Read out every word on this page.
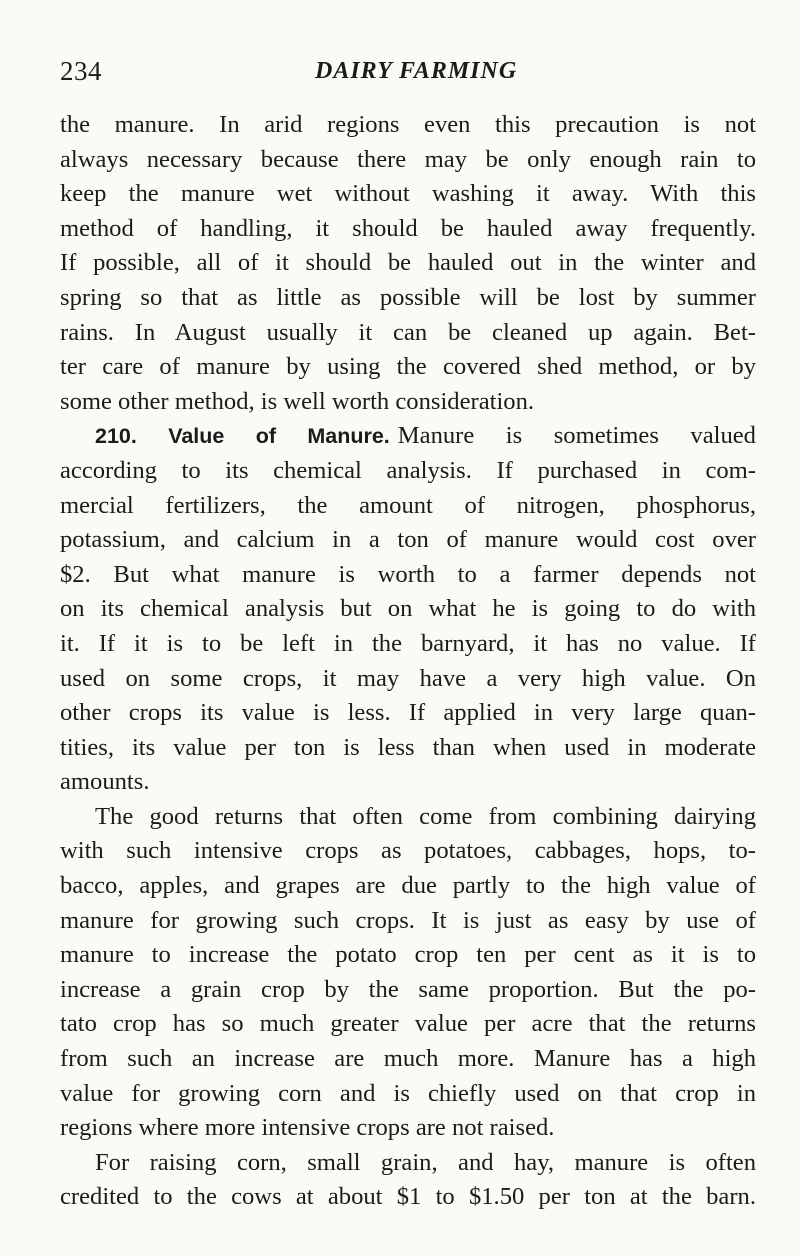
234	DAIRY FARMING
the manure. In arid regions even this precaution is not
always necessary because there may be only enough rain to
keep the manure wet without washing it away. With this
method of handling, it should be hauled away frequently.
If possible, all of it should be hauled out in the winter and
spring so that as little as possible will be lost by summer
rains. In August usually it can be cleaned up again. Bet-
ter care of manure by using the covered shed method, or by
some other method, is well worth consideration.
210. Value of Manure. Manure is sometimes valued
according to its chemical analysis. If purchased in com-
mercial fertilizers, the amount of nitrogen, phosphorus,
potassium, and calcium in a ton of manure would cost over
$2. But what manure is worth to a farmer depends not
on its chemical analysis but on what he is going to do with
it. If it is to be left in the barnyard, it has no value. If
used on some crops, it may have a very high value. On
other crops its value is less. If applied in very large quan-
tities, its value per ton is less than when used in moderate
amounts.
The good returns that often come from combining dairying
with such intensive crops as potatoes, cabbages, hops, to-
bacco, apples, and grapes are due partly to the high value of
manure for growing such crops. It is just as easy by use of
manure to increase the potato crop ten per cent as it is to
increase a grain crop by the same proportion. But the po-
tato crop has so much greater value per acre that the returns
from such an increase are much more. Manure has a high
value for growing corn and is chiefly used on that crop in
regions where more intensive crops are not raised.
For raising corn, small grain, and hay, manure is often
credited to the cows at about $1 to $1.50 per ton at the barn.
